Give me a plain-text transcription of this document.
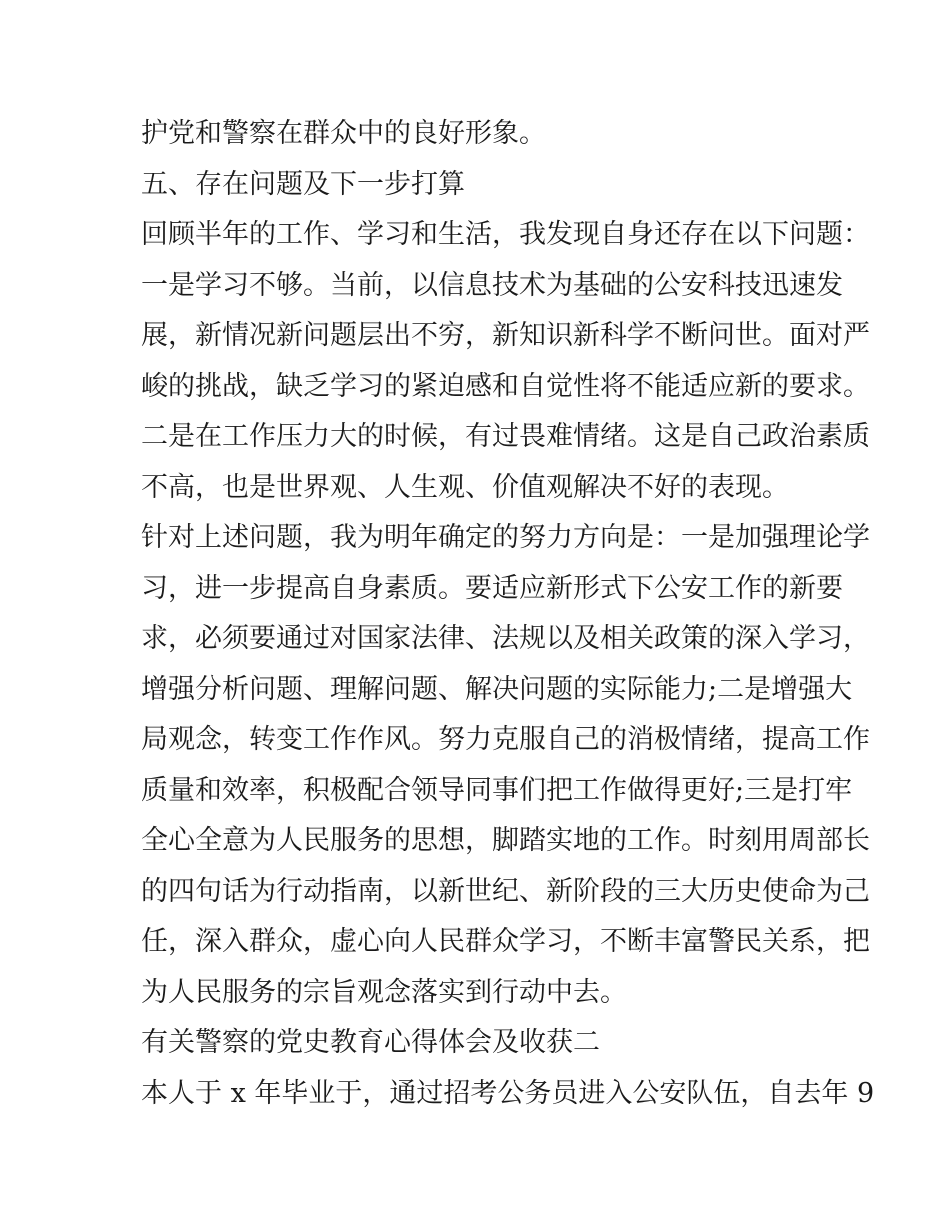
护党和警察在群众中的良好形象。
五、存在问题及下一步打算
回顾半年的工作、学习和生活，我发现自身还存在以下问题：
一是学习不够。当前，以信息技术为基础的公安科技迅速发
展，新情况新问题层出不穷，新知识新科学不断问世。面对严
峻的挑战，缺乏学习的紧迫感和自觉性将不能适应新的要求。
二是在工作压力大的时候，有过畏难情绪。这是自己政治素质
不高，也是世界观、人生观、价值观解决不好的表现。
针对上述问题，我为明年确定的努力方向是：一是加强理论学
习，进一步提高自身素质。要适应新形式下公安工作的新要
求，必须要通过对国家法律、法规以及相关政策的深入学习，
增强分析问题、理解问题、解决问题的实际能力;二是增强大
局观念，转变工作作风。努力克服自己的消极情绪，提高工作
质量和效率，积极配合领导同事们把工作做得更好;三是打牢
全心全意为人民服务的思想，脚踏实地的工作。时刻用周部长
的四句话为行动指南，以新世纪、新阶段的三大历史使命为己
任，深入群众，虚心向人民群众学习，不断丰富警民关系，把
为人民服务的宗旨观念落实到行动中去。
有关警察的党史教育心得体会及收获二
本人于 x 年毕业于，通过招考公务员进入公安队伍，自去年 9
